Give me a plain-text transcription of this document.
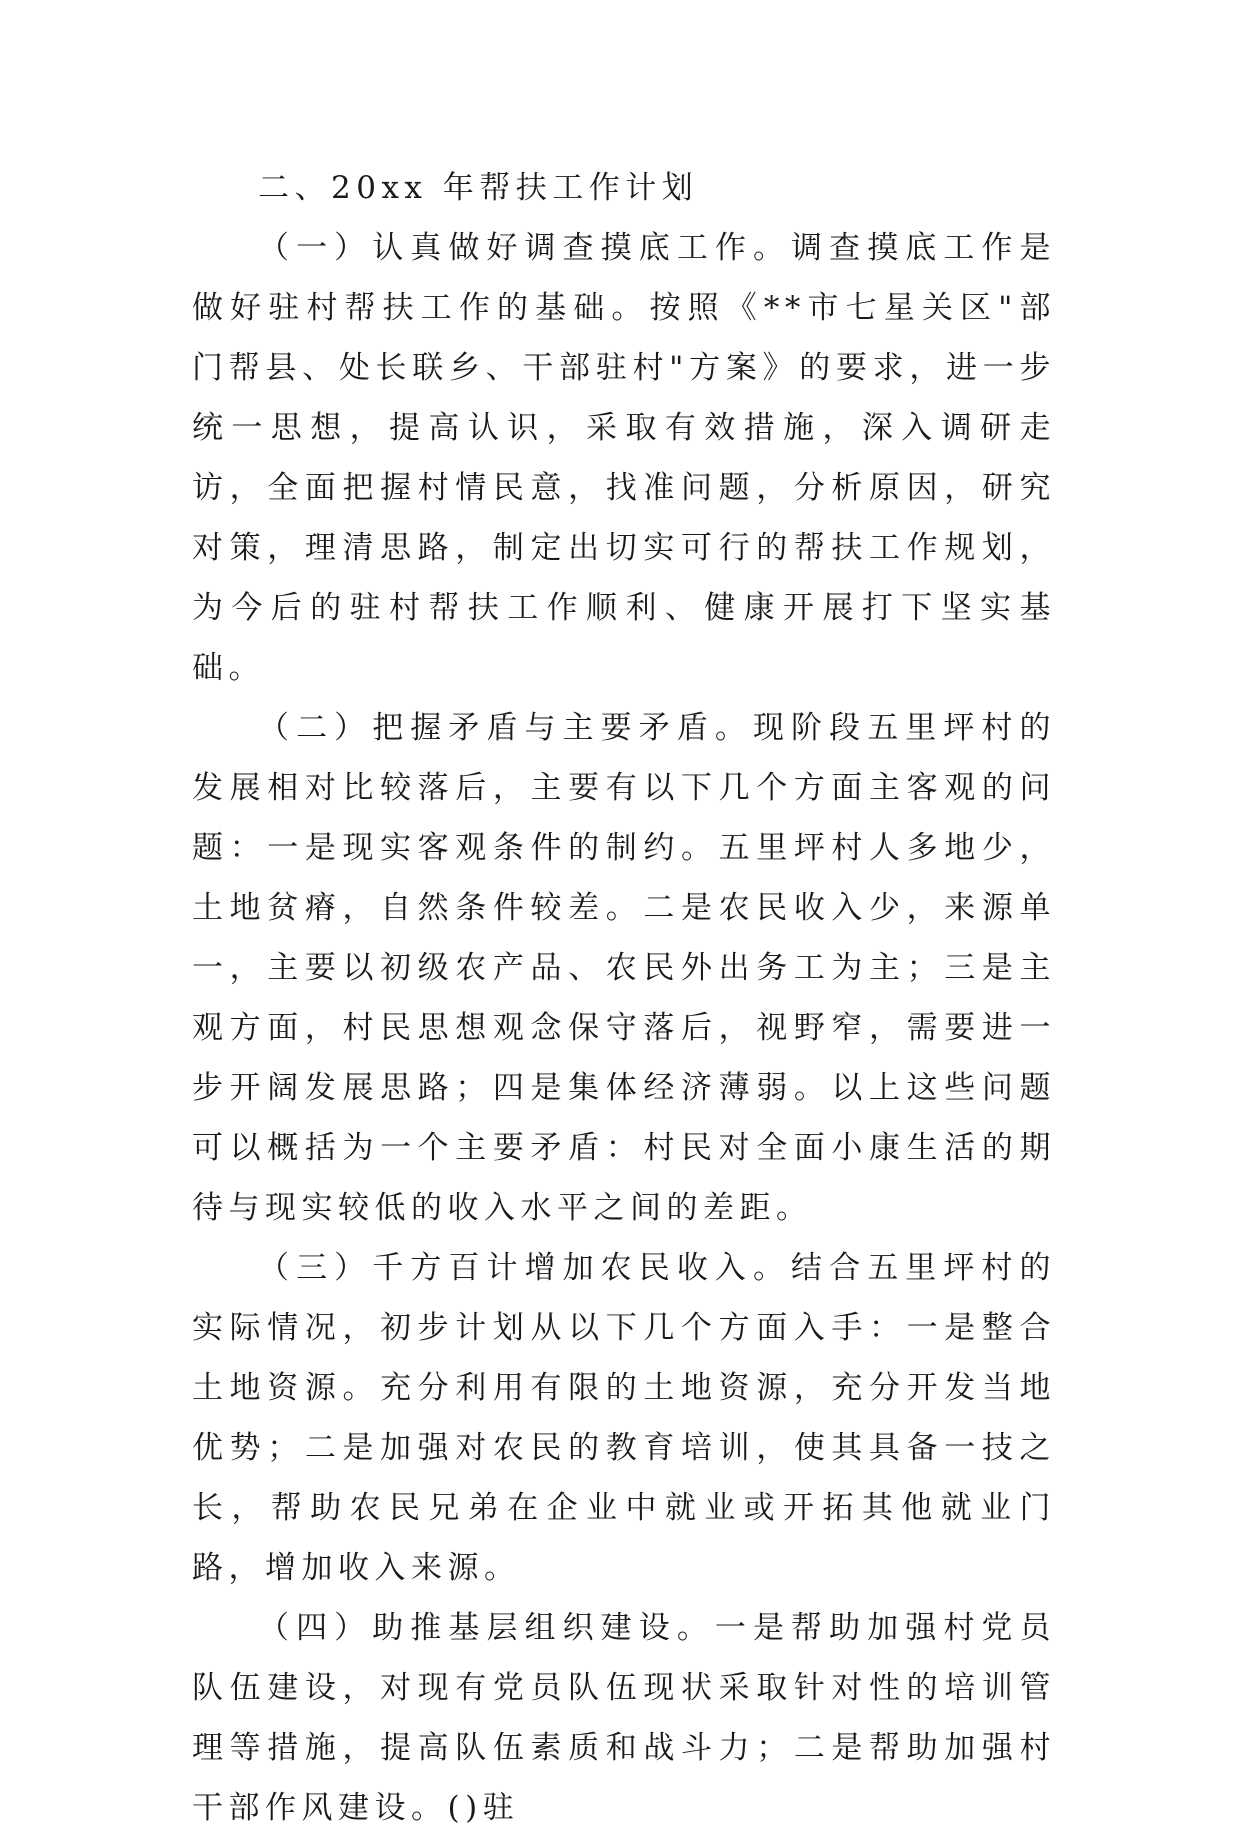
二、20xx 年帮扶工作计划

（一）认真做好调查摸底工作。调查摸底工作是做好驻村帮扶工作的基础。按照《**市七星关区"部门帮县、处长联乡、干部驻村"方案》的要求，进一步统一思想，提高认识，采取有效措施，深入调研走访，全面把握村情民意，找准问题，分析原因，研究对策，理清思路，制定出切实可行的帮扶工作规划，为今后的驻村帮扶工作顺利、健康开展打下坚实基础。

（二）把握矛盾与主要矛盾。现阶段五里坪村的发展相对比较落后，主要有以下几个方面主客观的问题：一是现实客观条件的制约。五里坪村人多地少，土地贫瘠，自然条件较差。二是农民收入少，来源单一，主要以初级农产品、农民外出务工为主；三是主观方面，村民思想观念保守落后，视野窄，需要进一步开阔发展思路；四是集体经济薄弱。以上这些问题可以概括为一个主要矛盾：村民对全面小康生活的期待与现实较低的收入水平之间的差距。

（三）千方百计增加农民收入。结合五里坪村的实际情况，初步计划从以下几个方面入手：一是整合土地资源。充分利用有限的土地资源，充分开发当地优势；二是加强对农民的教育培训，使其具备一技之长，帮助农民兄弟在企业中就业或开拓其他就业门路，增加收入来源。

（四）助推基层组织建设。一是帮助加强村党员队伍建设，对现有党员队伍现状采取针对性的培训管理等措施，提高队伍素质和战斗力；二是帮助加强村干部作风建设。()驻
